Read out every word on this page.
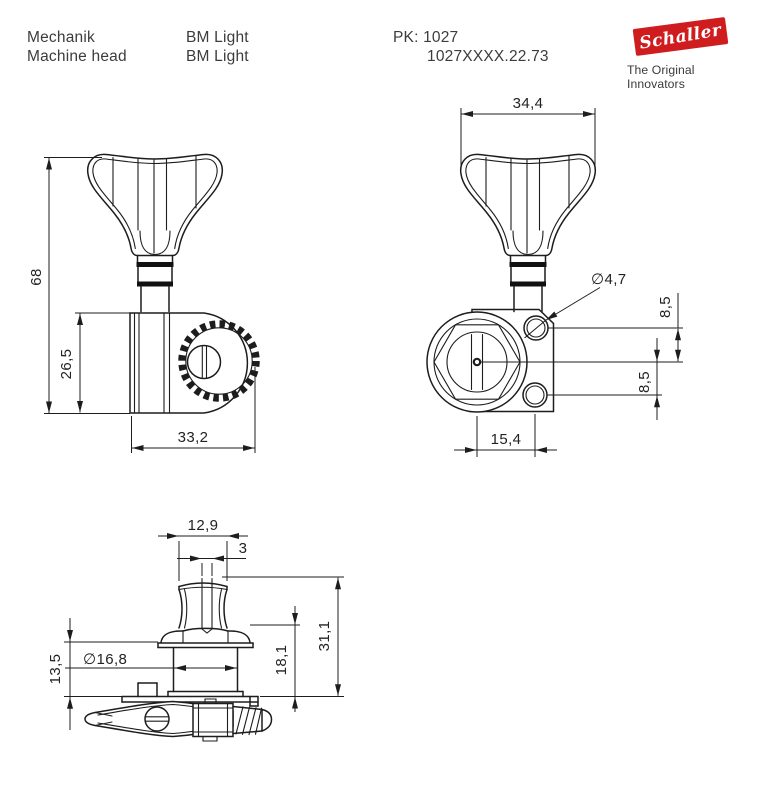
Mechanik
Machine head
BM Light
BM Light
PK: 1027
1027XXXX.22.73
Schaller
The Original Innovators
68
26,5
33,2
34,4
∅4,7
8,5
8,5
15,4
12,9
3
∅16,8
13,5	18,1
31,1
